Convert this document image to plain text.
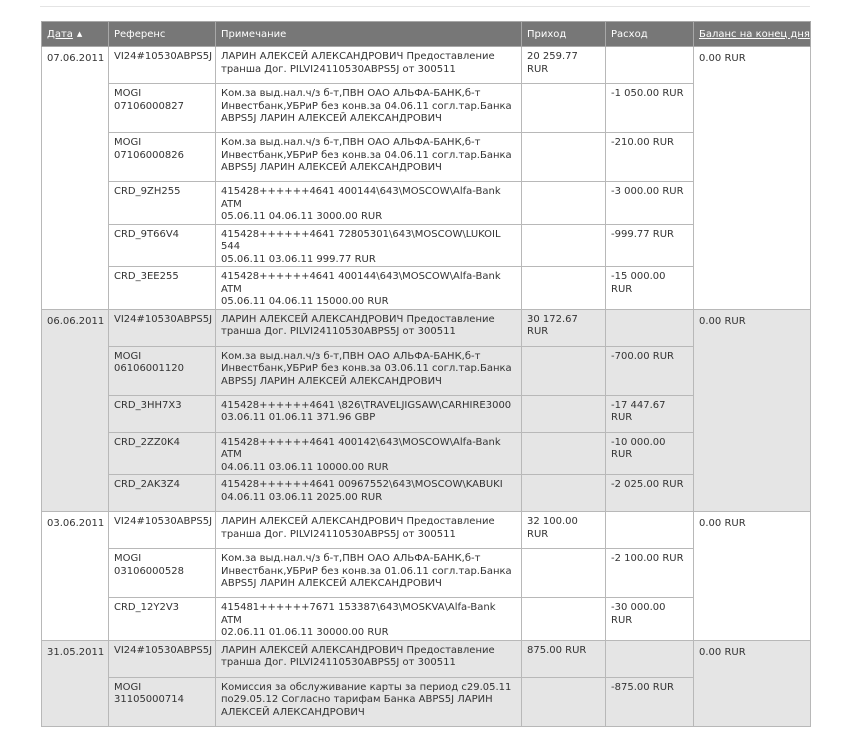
Дата ▲	Референс	Примечание	Приход	Расход	Баланс на конец дня
07.06.2011	VI24#10530ABPS5J	ЛАРИН АЛЕКСЕЙ АЛЕКСАНДРОВИЧ Предоставление
транша Дог. PILVI24110530ABPS5J от 300511	20 259.77 RUR		0.00 RUR
	MOGI 07106000827	Ком.за выд.нал.ч/з б-т,ПВН ОАО АЛЬФА-БАНК,б-т
Инвестбанк,УБРиР без конв.за 04.06.11 согл.тар.Банка
ABPS5J ЛАРИН АЛЕКСЕЙ АЛЕКСАНДРОВИЧ		-1 050.00 RUR	
	MOGI 07106000826	Ком.за выд.нал.ч/з б-т,ПВН ОАО АЛЬФА-БАНК,б-т
Инвестбанк,УБРиР без конв.за 04.06.11 согл.тар.Банка
ABPS5J ЛАРИН АЛЕКСЕЙ АЛЕКСАНДРОВИЧ		-210.00 RUR	
	CRD_9ZH255	415428++++++4641 400144\643\MOSCOW\Alfa-Bank ATM
05.06.11 04.06.11 3000.00 RUR		-3 000.00 RUR	
	CRD_9T66V4	415428++++++4641 72805301\643\MOSCOW\LUKOIL 544
05.06.11 03.06.11 999.77 RUR		-999.77 RUR	
	CRD_3EE255	415428++++++4641 400144\643\MOSCOW\Alfa-Bank ATM
05.06.11 04.06.11 15000.00 RUR		-15 000.00 RUR	
06.06.2011	VI24#10530ABPS5J	ЛАРИН АЛЕКСЕЙ АЛЕКСАНДРОВИЧ Предоставление
транша Дог. PILVI24110530ABPS5J от 300511	30 172.67 RUR		0.00 RUR
	MOGI 06106001120	Ком.за выд.нал.ч/з б-т,ПВН ОАО АЛЬФА-БАНК,б-т
Инвестбанк,УБРиР без конв.за 03.06.11 согл.тар.Банка
ABPS5J ЛАРИН АЛЕКСЕЙ АЛЕКСАНДРОВИЧ		-700.00 RUR	
	CRD_3HH7X3	415428++++++4641 \826\TRAVELJIGSAW\CARHIRE3000
03.06.11 01.06.11 371.96 GBP		-17 447.67 RUR	
	CRD_2ZZ0K4	415428++++++4641 400142\643\MOSCOW\Alfa-Bank ATM
04.06.11 03.06.11 10000.00 RUR		-10 000.00 RUR	
	CRD_2AK3Z4	415428++++++4641 00967552\643\MOSCOW\KABUKI
04.06.11 03.06.11 2025.00 RUR		-2 025.00 RUR	
03.06.2011	VI24#10530ABPS5J	ЛАРИН АЛЕКСЕЙ АЛЕКСАНДРОВИЧ Предоставление
транша Дог. PILVI24110530ABPS5J от 300511	32 100.00 RUR		0.00 RUR
	MOGI 03106000528	Ком.за выд.нал.ч/з б-т,ПВН ОАО АЛЬФА-БАНК,б-т
Инвестбанк,УБРиР без конв.за 01.06.11 согл.тар.Банка
ABPS5J ЛАРИН АЛЕКСЕЙ АЛЕКСАНДРОВИЧ		-2 100.00 RUR	
	CRD_12Y2V3	415481++++++7671 153387\643\MOSKVA\Alfa-Bank ATM
02.06.11 01.06.11 30000.00 RUR		-30 000.00 RUR	
31.05.2011	VI24#10530ABPS5J	ЛАРИН АЛЕКСЕЙ АЛЕКСАНДРОВИЧ Предоставление
транша Дог. PILVI24110530ABPS5J от 300511	875.00 RUR		0.00 RUR
	MOGI 31105000714	Комиссия за обслуживание карты за период с29.05.11
по29.05.12 Согласно тарифам Банка ABPS5J ЛАРИН
АЛЕКСЕЙ АЛЕКСАНДРОВИЧ		-875.00 RUR	
